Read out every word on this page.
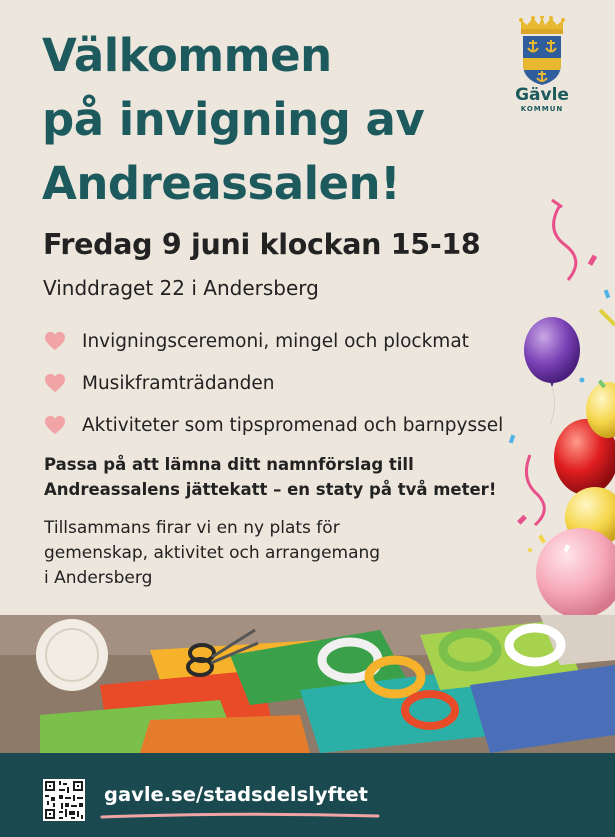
Välkommen
på invigning av
Andreassalen!
Gävle
KOMMUN

Fredag 9 juni klockan 15-18

Vinddraget 22 i Andersberg

Invigningsceremoni, mingel och plockmat
Musikframträdanden
Aktiviteter som tipspromenad och barnpyssel

Passa på att lämna ditt namnförslag till
Andreassalens jättekatt – en staty på två meter!

Tillsammans firar vi en ny plats för
gemenskap, aktivitet och arrangemang
i Andersberg

gavle.se/stadsdelslyftet
